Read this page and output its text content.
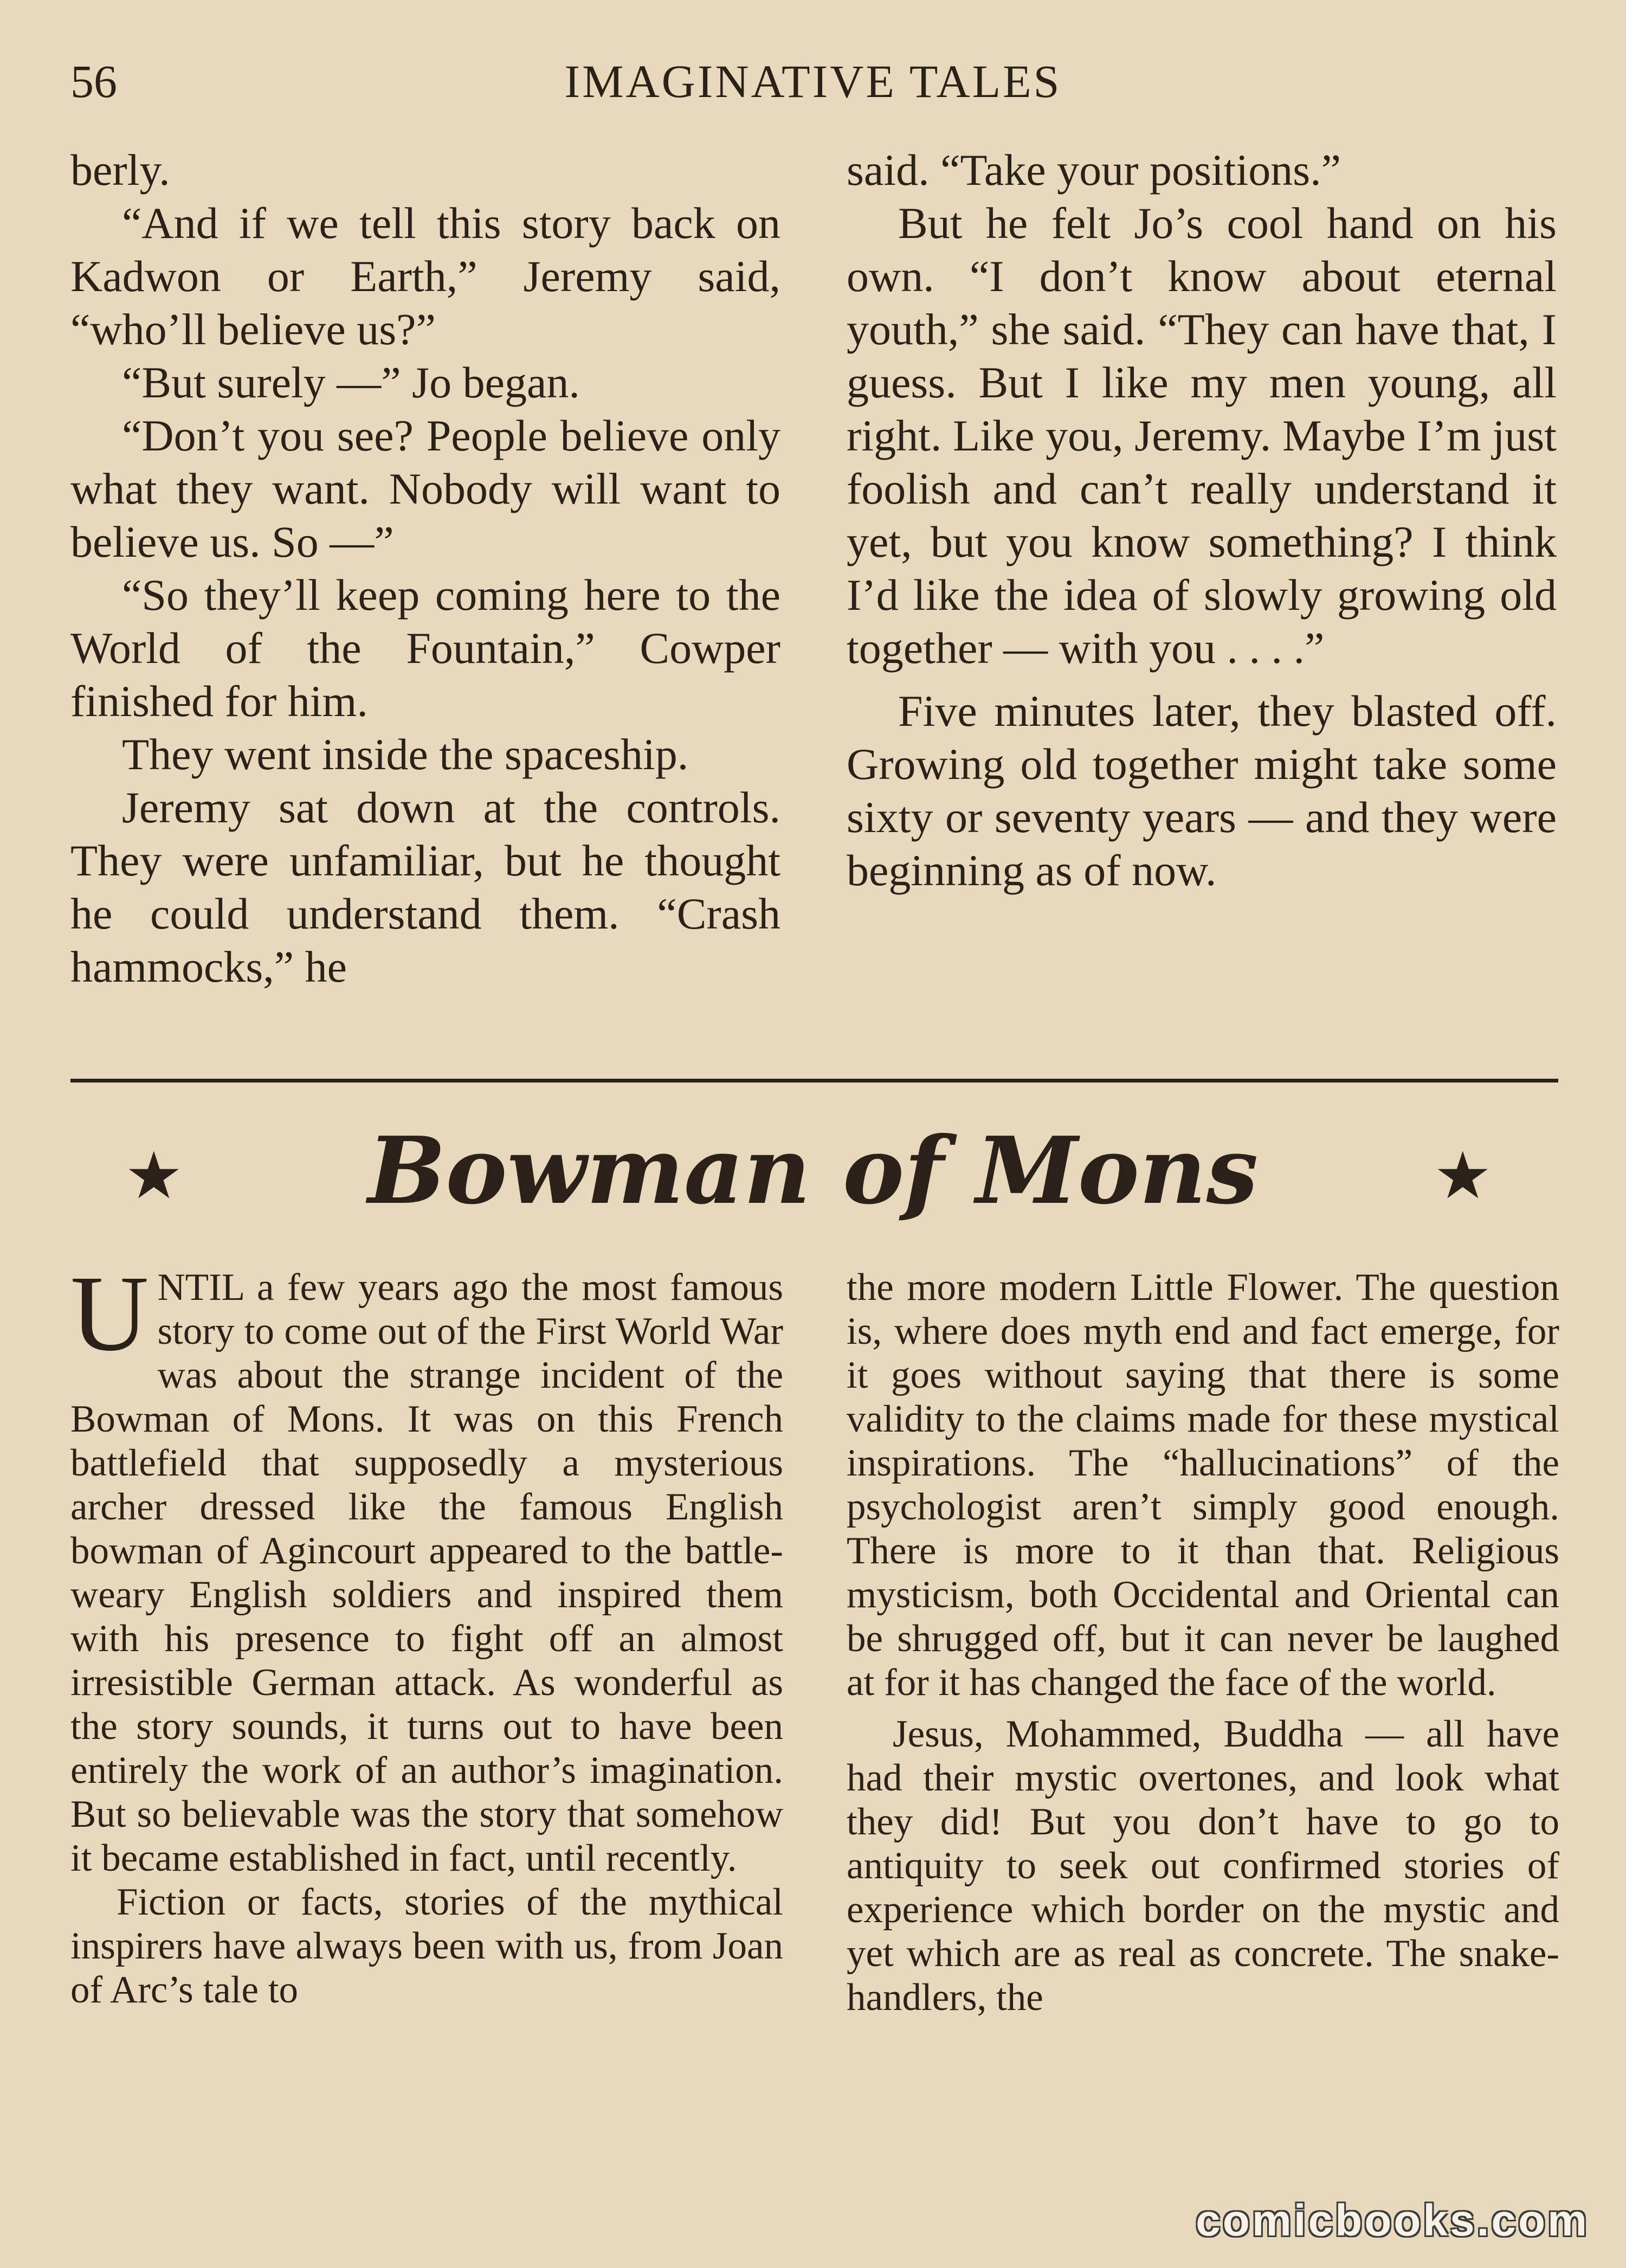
56	IMAGINATIVE TALES

berly.

“And if we tell this story back on Kadwon or Earth,” Jeremy said, “who’ll believe us?”

“But surely —” Jo began.

“Don’t you see? People believe only what they want. Nobody will want to believe us. So —”

“So they’ll keep coming here to the World of the Fountain,” Cowper finished for him.

They went inside the spaceship.

Jeremy sat down at the controls. They were unfamiliar, but he thought he could understand them. “Crash hammocks,” he

said. “Take your positions.”

But he felt Jo’s cool hand on his own. “I don’t know about eternal youth,” she said. “They can have that, I guess. But I like my men young, all right. Like you, Jeremy. Maybe I’m just foolish and can’t really understand it yet, but you know something? I think I’d like the idea of slowly growing old together — with you . . . .”

Five minutes later, they blasted off. Growing old together might take some sixty or seventy years — and they were beginning as of now.

★	Bowman of Mons	★

UNTIL a few years ago the most famous story to come out of the First World War was about the strange incident of the Bowman of Mons. It was on this French battlefield that supposedly a mysterious archer dressed like the famous English bowman of Agincourt appeared to the battle-weary English soldiers and inspired them with his presence to fight off an almost irresistible German attack. As wonderful as the story sounds, it turns out to have been entirely the work of an author’s imagination. But so believable was the story that somehow it became established in fact, until recently.

Fiction or facts, stories of the mythical inspirers have always been with us, from Joan of Arc’s tale to

the more modern Little Flower. The question is, where does myth end and fact emerge, for it goes without saying that there is some validity to the claims made for these mystical inspirations. The “hallucinations” of the psychologist aren’t simply good enough. There is more to it than that. Religious mysticism, both Occidental and Oriental can be shrugged off, but it can never be laughed at for it has changed the face of the world.

Jesus, Mohammed, Buddha — all have had their mystic overtones, and look what they did! But you don’t have to go to antiquity to seek out confirmed stories of experience which border on the mystic and yet which are as real as concrete. The snake-handlers, the

comicbooks.com
